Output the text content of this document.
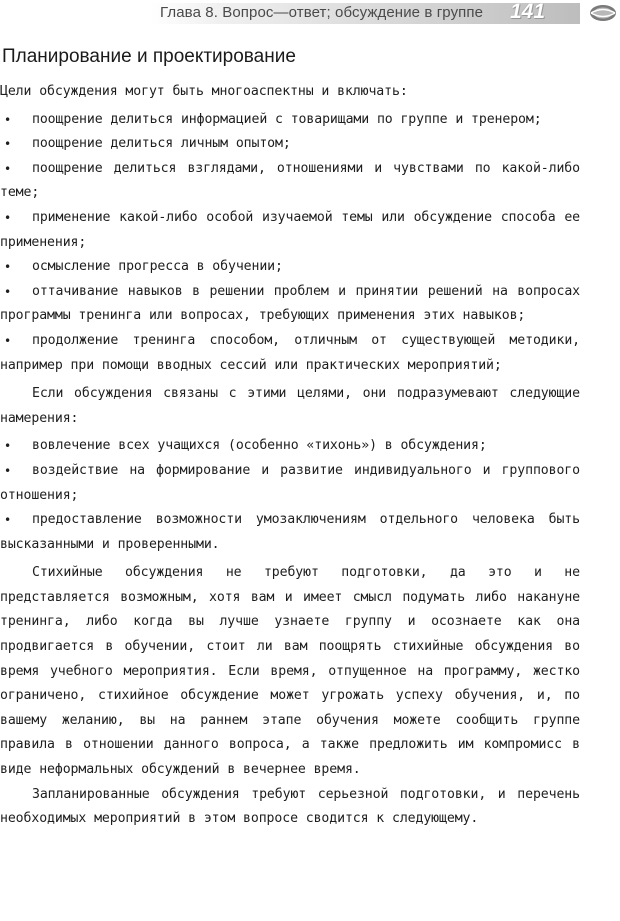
Глава 8. Вопрос—ответ; обсуждение в группе 141
Планирование и проектирование

Цели обсуждения могут быть многоаспектны и включать:

• поощрение делиться информацией с товарищами по группе и тренером;
• поощрение делиться личным опытом;
• поощрение делиться взглядами, отношениями и чувствами по какой-либо теме;
• применение какой-либо особой изучаемой темы или обсуждение способа ее применения;
• осмысление прогресса в обучении;
• оттачивание навыков в решении проблем и принятии решений на вопросах программы тренинга или вопросах, требующих применения этих навыков;
• продолжение тренинга способом, отличным от существующей методики, например при помощи вводных сессий или практических мероприятий;

Если обсуждения связаны с этими целями, они подразумевают следующие намерения:

• вовлечение всех учащихся (особенно «тихонь») в обсуждения;
• воздействие на формирование и развитие индивидуального и группового отношения;
• предоставление возможности умозаключениям отдельного человека быть высказанными и проверенными.

Стихийные обсуждения не требуют подготовки, да это и не представляется возможным, хотя вам и имеет смысл подумать либо накануне тренинга, либо когда вы лучше узнаете группу и осознаете как она продвигается в обучении, стоит ли вам поощрять стихийные обсуждения во время учебного мероприятия. Если время, отпущенное на программу, жестко ограничено, стихийное обсуждение может угрожать успеху обучения, и, по вашему желанию, вы на раннем этапе обучения можете сообщить группе правила в отношении данного вопроса, а также предложить им компромисс в виде неформальных обсуждений в вечернее время.

Запланированные обсуждения требуют серьезной подготовки, и перечень необходимых мероприятий в этом вопросе сводится к следующему.
